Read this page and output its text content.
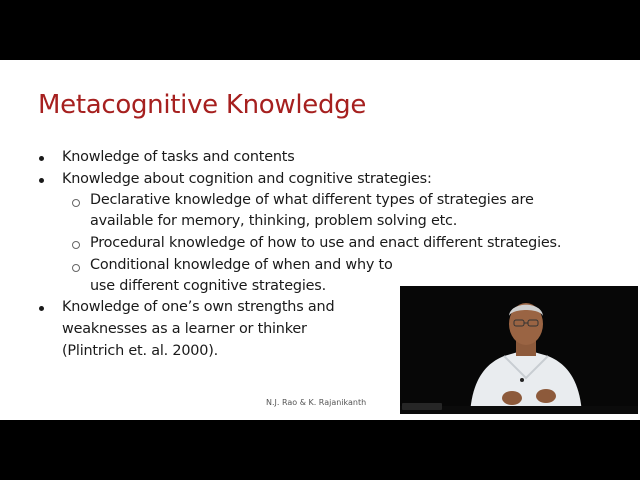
Metacognitive Knowledge
Knowledge of tasks and contents
Knowledge about cognition and cognitive strategies:
Declarative knowledge of what different types of strategies are
available for memory, thinking, problem solving etc.
Procedural knowledge of how to use and enact different strategies.
Conditional knowledge of when and why to
use different cognitive strategies.
Knowledge of one’s own strengths and
weaknesses as a learner or thinker
(Plintrich et. al. 2000).
N.J. Rao & K. Rajanikanth
